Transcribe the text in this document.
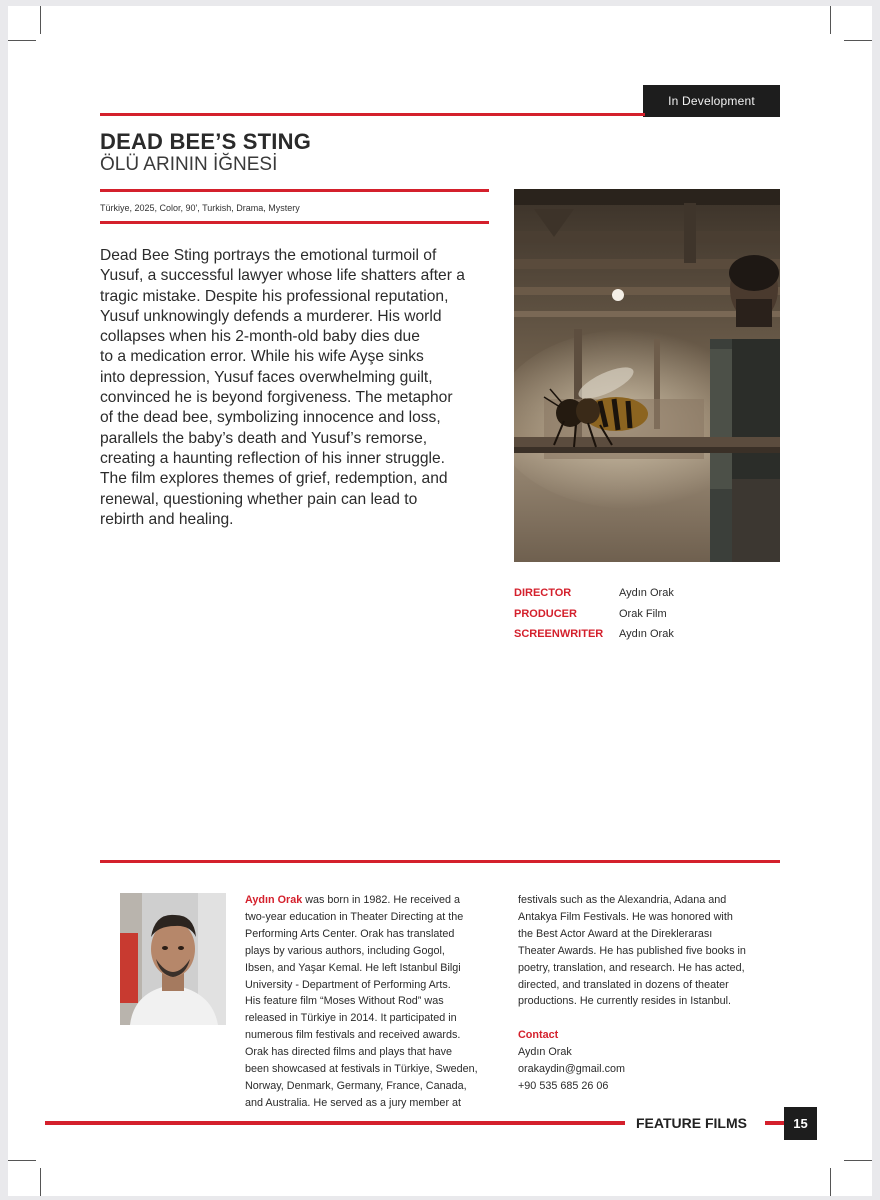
In Development
DEAD BEE’S STING
ÖLÜ ARININ İĞNESİ
Türkiye, 2025, Color, 90', Turkish, Drama, Mystery
Dead Bee Sting portrays the emotional turmoil of
Yusuf, a successful lawyer whose life shatters after a
tragic mistake. Despite his professional reputation,
Yusuf unknowingly defends a murderer. His world
collapses when his 2-month-old baby dies due
to a medication error. While his wife Ayşe sinks
into depression, Yusuf faces overwhelming guilt,
convinced he is beyond forgiveness. The metaphor
of the dead bee, symbolizing innocence and loss,
parallels the baby’s death and Yusuf’s remorse,
creating a haunting reflection of his inner struggle.
The film explores themes of grief, redemption, and
renewal, questioning whether pain can lead to
rebirth and healing.
DIRECTOR	Aydın Orak
PRODUCER	Orak Film
SCREENWRITER	Aydın Orak
Aydın Orak was born in 1982. He received a
two-year education in Theater Directing at the
Performing Arts Center. Orak has translated
plays by various authors, including Gogol,
Ibsen, and Yaşar Kemal. He left Istanbul Bilgi
University - Department of Performing Arts.
His feature film “Moses Without Rod” was
released in Türkiye in 2014. It participated in
numerous film festivals and received awards.
Orak has directed films and plays that have
been showcased at festivals in Türkiye, Sweden,
Norway, Denmark, Germany, France, Canada,
and Australia. He served as a jury member at
festivals such as the Alexandria, Adana and
Antakya Film Festivals. He was honored with
the Best Actor Award at the Direklerarası
Theater Awards. He has published five books in
poetry, translation, and research. He has acted,
directed, and translated in dozens of theater
productions. He currently resides in Istanbul.
Contact
Aydın Orak
orakaydin@gmail.com
+90 535 685 26 06
FEATURE FILMS	15
